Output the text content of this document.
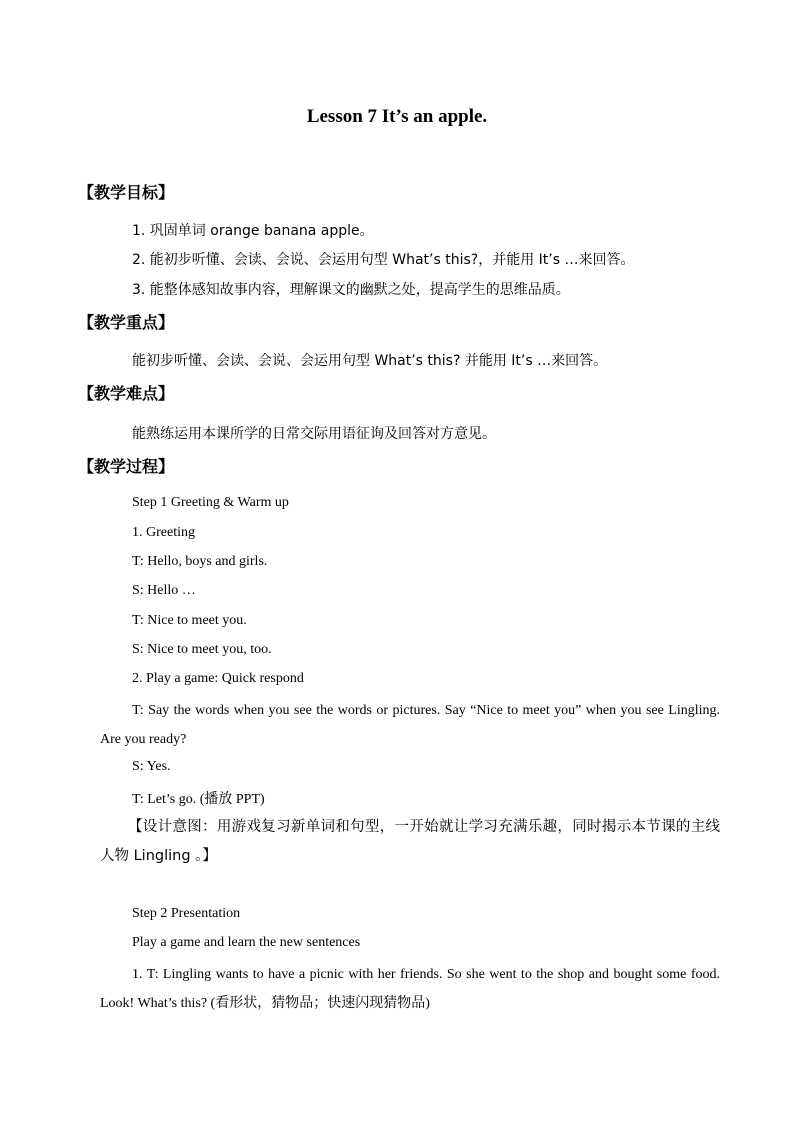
Lesson 7 It’s an apple.
【教学目标】
1. 巩固单词 orange banana apple。
2. 能初步听懂、会读、会说、会运用句型 What’s this?，并能用 It’s …来回答。
3. 能整体感知故事内容，理解课文的幽默之处，提高学生的思维品质。
【教学重点】
能初步听懂、会读、会说、会运用句型 What’s this? 并能用 It’s …来回答。
【教学难点】
能熟练运用本课所学的日常交际用语征询及回答对方意见。
【教学过程】
Step 1 Greeting & Warm up
1. Greeting
T: Hello, boys and girls.
S: Hello …
T: Nice to meet you.
S: Nice to meet you, too.
2. Play a game: Quick respond
T: Say the words when you see the words or pictures. Say “Nice to meet you” when you see Lingling. Are you ready?
S: Yes.
T: Let’s go. (播放 PPT)
【设计意图：用游戏复习新单词和句型，一开始就让学习充满乐趣，同时揭示本节课的主线人物 Lingling 。】
Step 2 Presentation
Play a game and learn the new sentences
1. T: Lingling wants to have a picnic with her friends. So she went to the shop and bought some food. Look! What’s this? (看形状，猜物品；快速闪现猜物品)
